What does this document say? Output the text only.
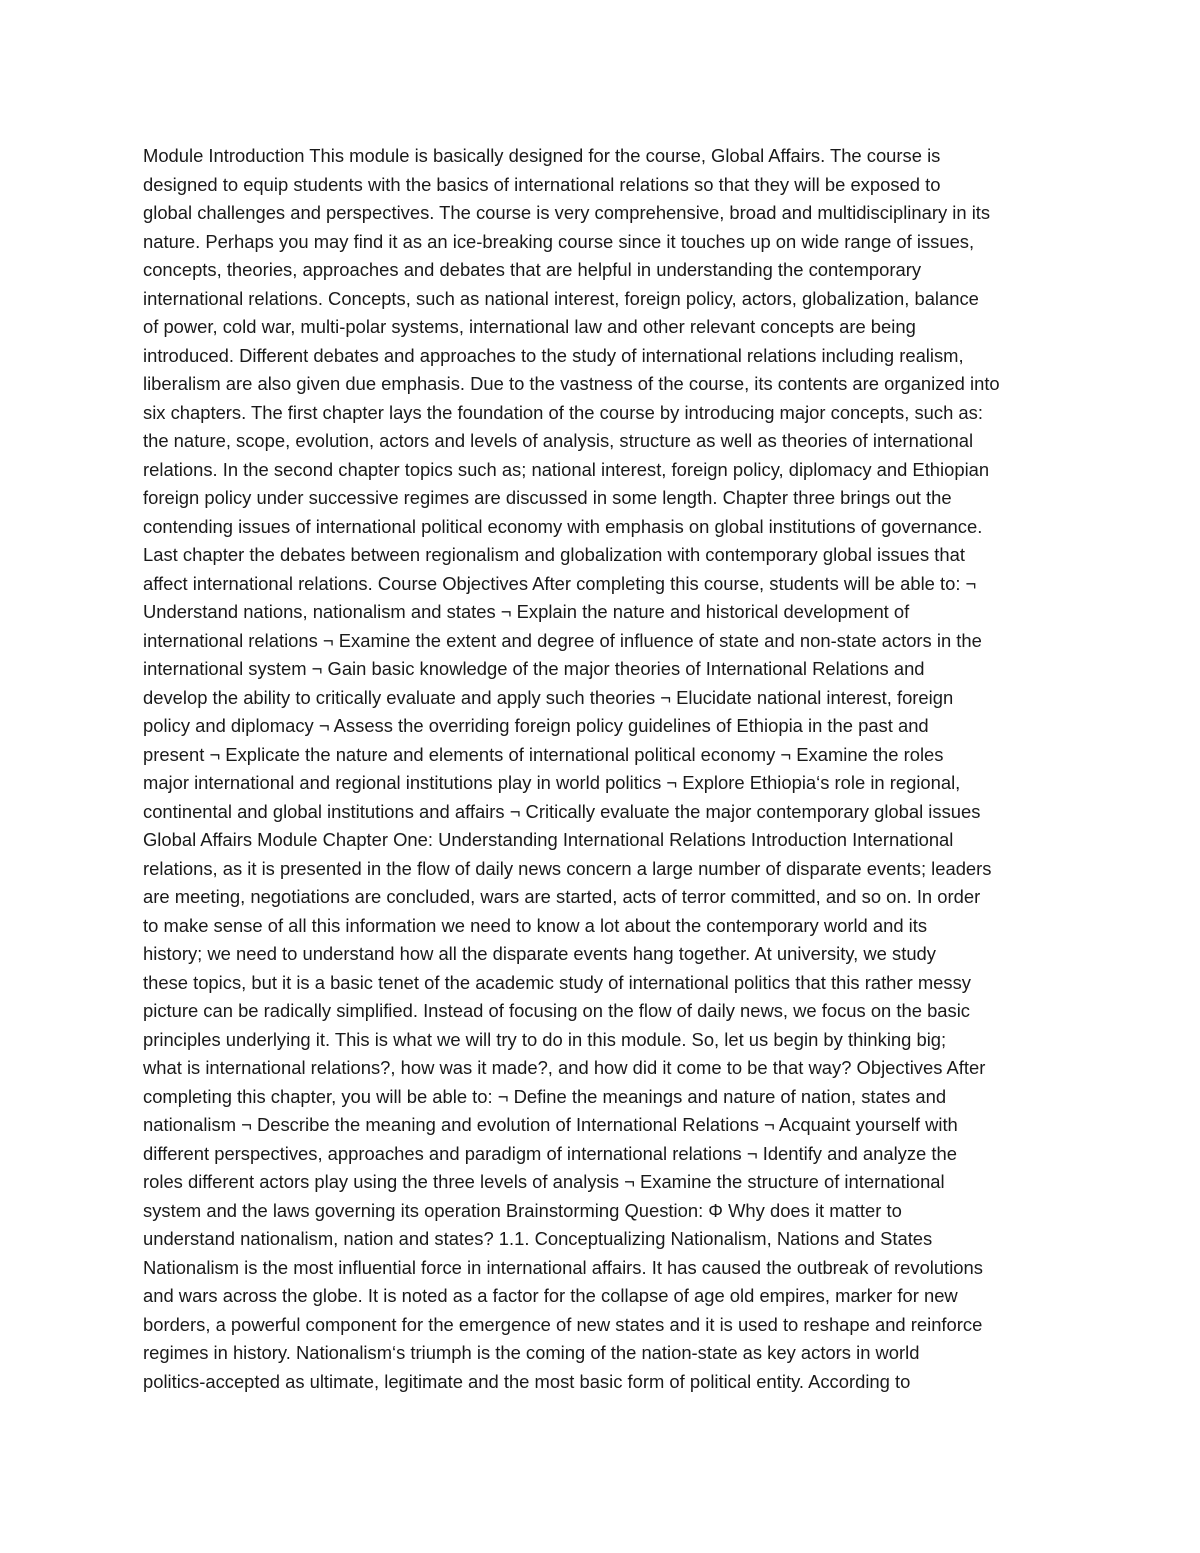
Module Introduction This module is basically designed for the course, Global Affairs. The course is
designed to equip students with the basics of international relations so that they will be exposed to
global challenges and perspectives. The course is very comprehensive, broad and multidisciplinary in its
nature. Perhaps you may find it as an ice-breaking course since it touches up on wide range of issues,
concepts, theories, approaches and debates that are helpful in understanding the contemporary
international relations. Concepts, such as national interest, foreign policy, actors, globalization, balance
of power, cold war, multi-polar systems, international law and other relevant concepts are being
introduced. Different debates and approaches to the study of international relations including realism,
liberalism are also given due emphasis. Due to the vastness of the course, its contents are organized into
six chapters. The first chapter lays the foundation of the course by introducing major concepts, such as:
the nature, scope, evolution, actors and levels of analysis, structure as well as theories of international
relations. In the second chapter topics such as; national interest, foreign policy, diplomacy and Ethiopian
foreign policy under successive regimes are discussed in some length. Chapter three brings out the
contending issues of international political economy with emphasis on global institutions of governance.
Last chapter the debates between regionalism and globalization with contemporary global issues that
affect international relations. Course Objectives After completing this course, students will be able to: ¬
Understand nations, nationalism and states ¬ Explain the nature and historical development of
international relations ¬ Examine the extent and degree of influence of state and non-state actors in the
international system ¬ Gain basic knowledge of the major theories of International Relations and
develop the ability to critically evaluate and apply such theories ¬ Elucidate national interest, foreign
policy and diplomacy ¬ Assess the overriding foreign policy guidelines of Ethiopia in the past and
present ¬ Explicate the nature and elements of international political economy ¬ Examine the roles
major international and regional institutions play in world politics ¬ Explore Ethiopia‘s role in regional,
continental and global institutions and affairs ¬ Critically evaluate the major contemporary global issues
Global Affairs Module Chapter One: Understanding International Relations Introduction International
relations, as it is presented in the flow of daily news concern a large number of disparate events; leaders
are meeting, negotiations are concluded, wars are started, acts of terror committed, and so on. In order
to make sense of all this information we need to know a lot about the contemporary world and its
history; we need to understand how all the disparate events hang together. At university, we study
these topics, but it is a basic tenet of the academic study of international politics that this rather messy
picture can be radically simplified. Instead of focusing on the flow of daily news, we focus on the basic
principles underlying it. This is what we will try to do in this module. So, let us begin by thinking big;
what is international relations?, how was it made?, and how did it come to be that way? Objectives After
completing this chapter, you will be able to: ¬ Define the meanings and nature of nation, states and
nationalism ¬ Describe the meaning and evolution of International Relations ¬ Acquaint yourself with
different perspectives, approaches and paradigm of international relations ¬ Identify and analyze the
roles different actors play using the three levels of analysis ¬ Examine the structure of international
system and the laws governing its operation Brainstorming Question: Φ Why does it matter to
understand nationalism, nation and states? 1.1. Conceptualizing Nationalism, Nations and States
Nationalism is the most influential force in international affairs. It has caused the outbreak of revolutions
and wars across the globe. It is noted as a factor for the collapse of age old empires, marker for new
borders, a powerful component for the emergence of new states and it is used to reshape and reinforce
regimes in history. Nationalism‘s triumph is the coming of the nation-state as key actors in world
politics-accepted as ultimate, legitimate and the most basic form of political entity. According to
